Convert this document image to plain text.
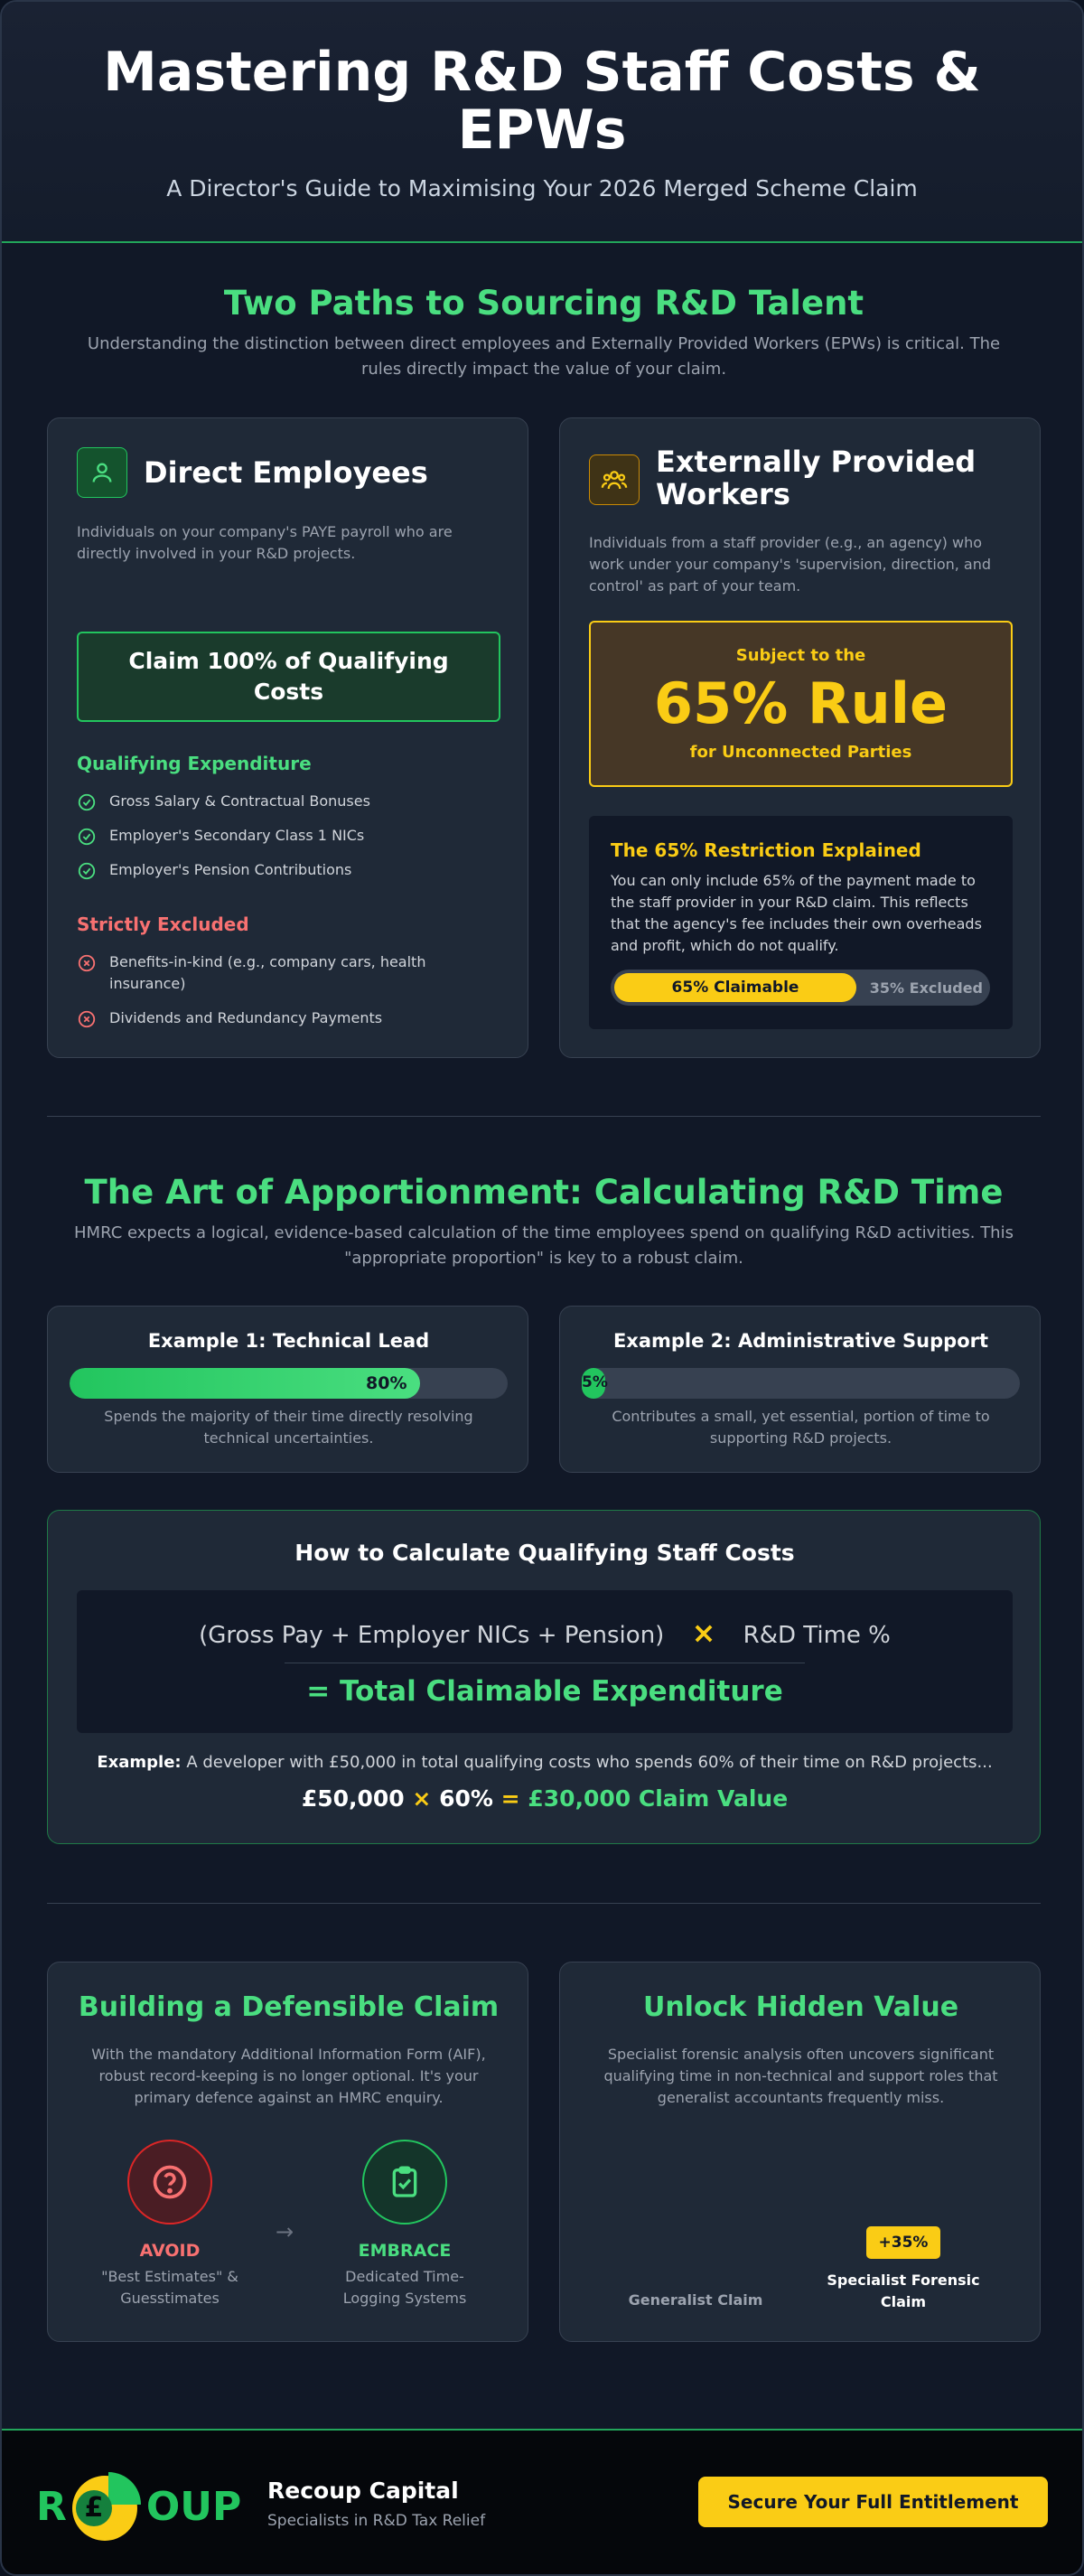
Mastering R&D Staff Costs & EPWs

A Director's Guide to Maximising Your 2026 Merged Scheme Claim

Two Paths to Sourcing R&D Talent
Understanding the distinction between direct employees and Externally Provided Workers (EPWs) is critical. The rules directly impact the value of your claim.
Direct Employees
Individuals on your company's PAYE payroll who are directly involved in your R&D projects.
Claim 100% of Qualifying Costs
Qualifying Expenditure
Gross Salary & Contractual Bonuses
Employer's Secondary Class 1 NICs
Employer's Pension Contributions
Strictly Excluded
Benefits-in-kind (e.g., company cars, health insurance)
Dividends and Redundancy Payments
Externally Provided Workers
Individuals from a staff provider (e.g., an agency) who work under your company's 'supervision, direction, and control' as part of your team.
Subject to the
65% Rule
for Unconnected Parties
The 65% Restriction Explained
You can only include 65% of the payment made to the staff provider in your R&D claim. This reflects that the agency's fee includes their own overheads and profit, which do not qualify.
65% Claimable	35% Excluded
The Art of Apportionment: Calculating R&D Time
HMRC expects a logical, evidence-based calculation of the time employees spend on qualifying R&D activities. This "appropriate proportion" is key to a robust claim.
Example 1: Technical Lead
80%
Spends the majority of their time directly resolving technical uncertainties.
Example 2: Administrative Support
5%
Contributes a small, yet essential, portion of time to supporting R&D projects.
How to Calculate Qualifying Staff Costs
(Gross Pay + Employer NICs + Pension) × R&D Time %
= Total Claimable Expenditure
Example: A developer with £50,000 in total qualifying costs who spends 60% of their time on R&D projects...
£50,000 × 60% = £30,000 Claim Value
Building a Defensible Claim
With the mandatory Additional Information Form (AIF), robust record-keeping is no longer optional. It's your primary defence against an HMRC enquiry.
AVOID
"Best Estimates" & Guesstimates
→
EMBRACE
Dedicated Time-Logging Systems
Unlock Hidden Value
Specialist forensic analysis often uncovers significant qualifying time in non-technical and support roles that generalist accountants frequently miss.
+35%
Generalist Claim
Specialist Forensic Claim
R £ OUP Recoup Capital
Specialists in R&D Tax Relief
Secure Your Full Entitlement
